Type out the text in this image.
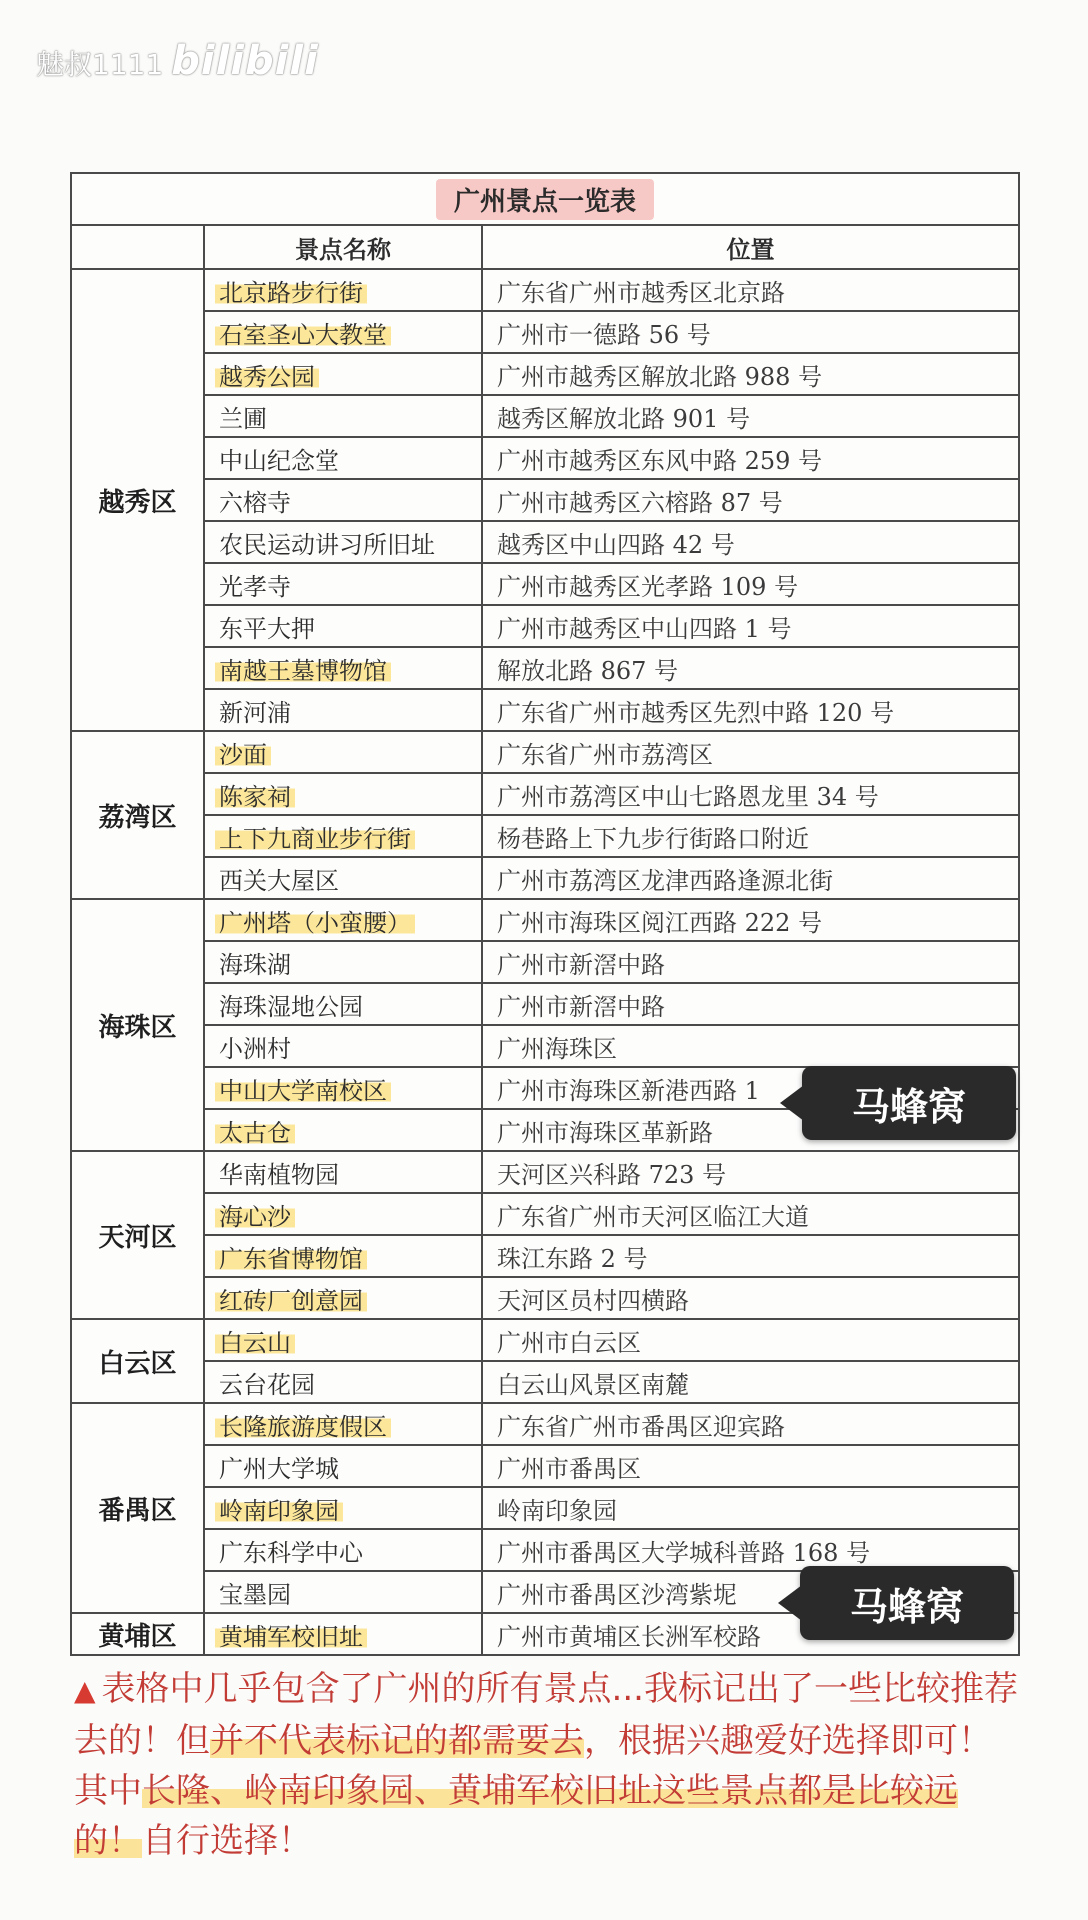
魅叔1111 bilibili
广州景点一览表		
	景点名称	位置
越秀区	北京路步行街	广东省广州市越秀区北京路
	石室圣心大教堂	广州市一德路 56 号
	越秀公园	广州市越秀区解放北路 988 号
	兰圃	越秀区解放北路 901 号
	中山纪念堂	广州市越秀区东风中路 259 号
	六榕寺	广州市越秀区六榕路 87 号
	农民运动讲习所旧址	越秀区中山四路 42 号
	光孝寺	广州市越秀区光孝路 109 号
	东平大押	广州市越秀区中山四路 1 号
	南越王墓博物馆	解放北路 867 号
	新河浦	广东省广州市越秀区先烈中路 120 号
荔湾区	沙面	广东省广州市荔湾区
	陈家祠	广州市荔湾区中山七路恩龙里 34 号
	上下九商业步行街	杨巷路上下九步行街路口附近
	西关大屋区	广州市荔湾区龙津西路逢源北街
海珠区	广州塔（小蛮腰）	广州市海珠区阅江西路 222 号
	海珠湖	广州市新滘中路
	海珠湿地公园	广州市新滘中路
	小洲村	广州海珠区
	中山大学南校区	广州市海珠区新港西路 1
	太古仓	广州市海珠区革新路
天河区	华南植物园	天河区兴科路 723 号
	海心沙	广东省广州市天河区临江大道
	广东省博物馆	珠江东路 2 号
	红砖厂创意园	天河区员村四横路
白云区	白云山	广州市白云区
	云台花园	白云山风景区南麓
番禺区	长隆旅游度假区	广东省广州市番禺区迎宾路
	广州大学城	广州市番禺区
	岭南印象园	岭南印象园
	广东科学中心	广州市番禺区大学城科普路 168 号
	宝墨园	广州市番禺区沙湾紫坭
黄埔区	黄埔军校旧址	广州市黄埔区长洲军校路
马蜂窝
马蜂窝
▲ 表格中几乎包含了广州的所有景点...我标记出了一些比较推荐去的！但并不代表标记的都需要去，根据兴趣爱好选择即可！其中长隆、岭南印象园、黄埔军校旧址这些景点都是比较远的！自行选择！
